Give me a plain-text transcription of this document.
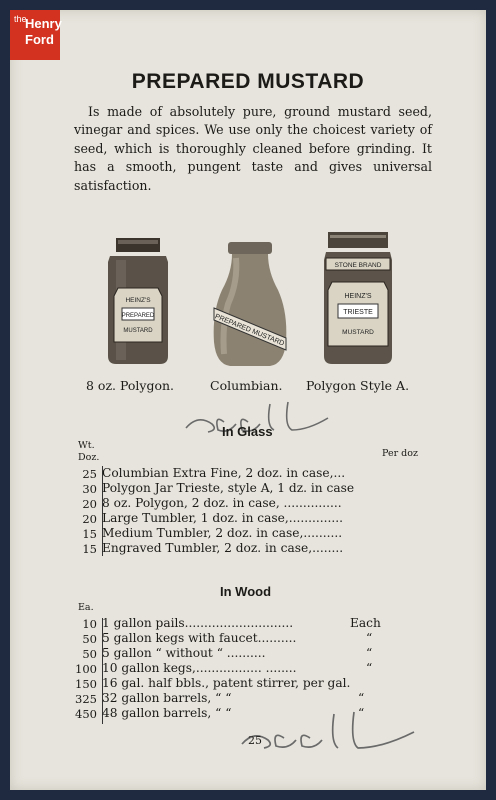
the
Henry
Ford
PREPARED MUSTARD
Is made of absolutely pure, ground mustard seed, vinegar and spices. We use only the choicest variety of seed, which is thoroughly cleaned before grinding. It has a smooth, pungent taste and gives universal satisfaction.
HEINZ'S
PREPARED
MUSTARD	PREPARED MUSTARD
STONE BRAND
HEINZ'S
TRIESTE
MUSTARD
8 oz. Polygon.	Columbian. Polygon Style A.
In Glass
Wt.
Doz.	Per doz
25 Columbian Extra Fine, 2 doz. in case,...
30 Polygon Jar Trieste, style A, 1 dz. in case
20 8 oz. Polygon, 2 doz. in case, ...............
20 Large Tumbler, 1 doz. in case,..............
15 Medium Tumbler, 2 doz. in case,..........
15 Engraved Tumbler, 2 doz. in case,........
In Wood
Ea.
10 1 gallon pails............................	Each
50 5 gallon kegs with faucet..........	“
50 5 gallon “ without “ ..........	“
100 10 gallon kegs,................. ........	“
150 16 gal. half bbls., patent stirrer, per gal.
325 32 gallon barrels, “ “	“
450 48 gallon barrels, “ “	“
25
